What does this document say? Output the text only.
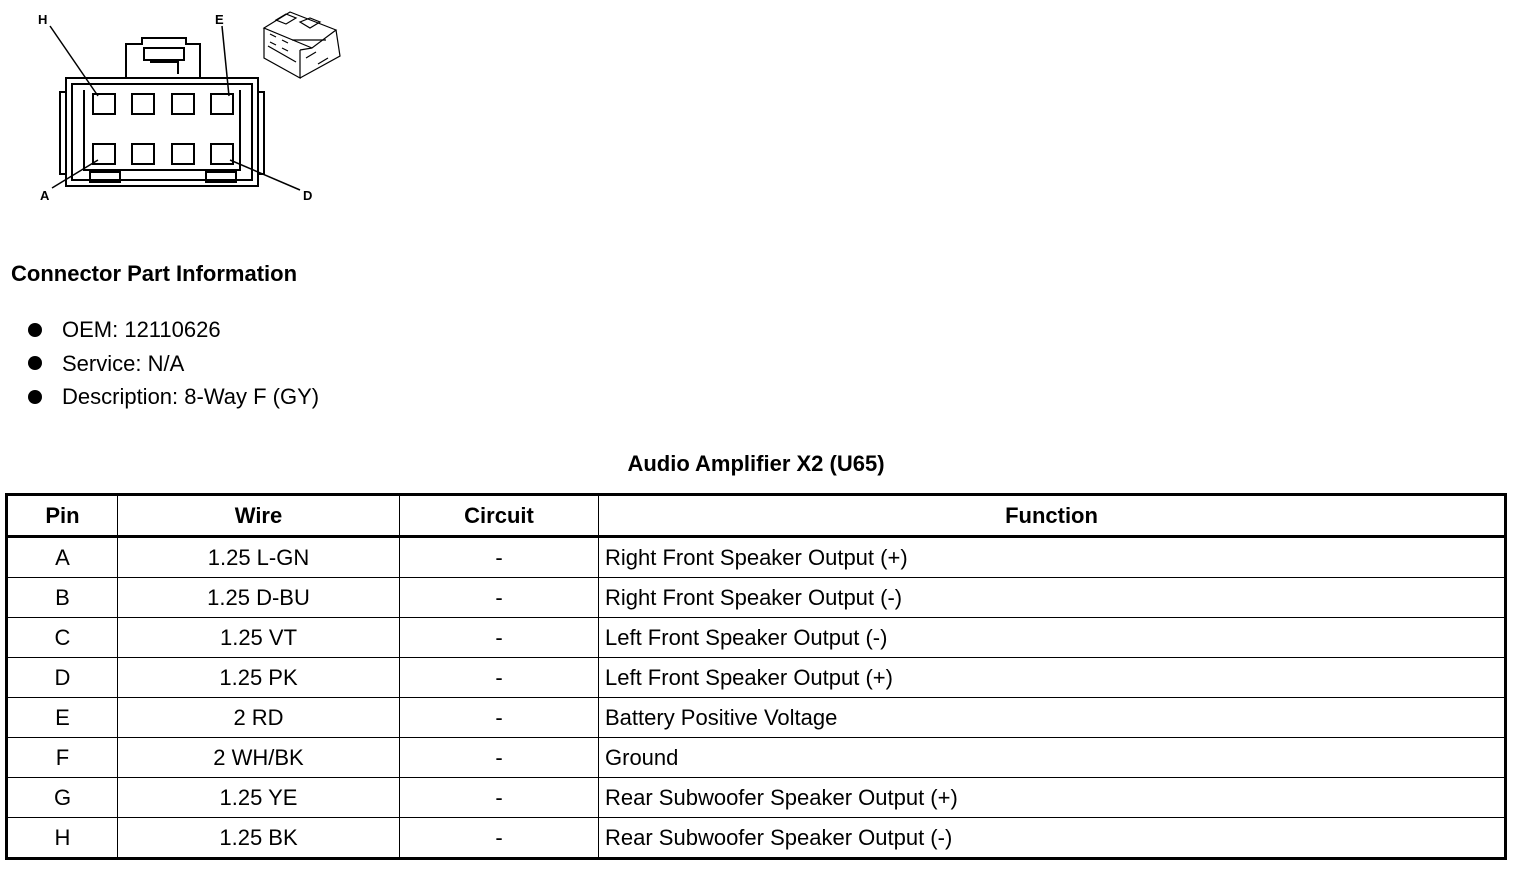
H	E
A	D
Connector Part Information
OEM: 12110626
Service: N/A
Description: 8-Way F (GY)
Audio Amplifier X2 (U65)
Pin	Wire	Circuit	Function
A	1.25 L-GN	-	Right Front Speaker Output (+)
B	1.25 D-BU	-	Right Front Speaker Output (-)
C	1.25 VT	-	Left Front Speaker Output (-)
D	1.25 PK	-	Left Front Speaker Output (+)
E	2 RD	-	Battery Positive Voltage
F	2 WH/BK	-	Ground
G	1.25 YE	-	Rear Subwoofer Speaker Output (+)
H	1.25 BK	-	Rear Subwoofer Speaker Output (-)
